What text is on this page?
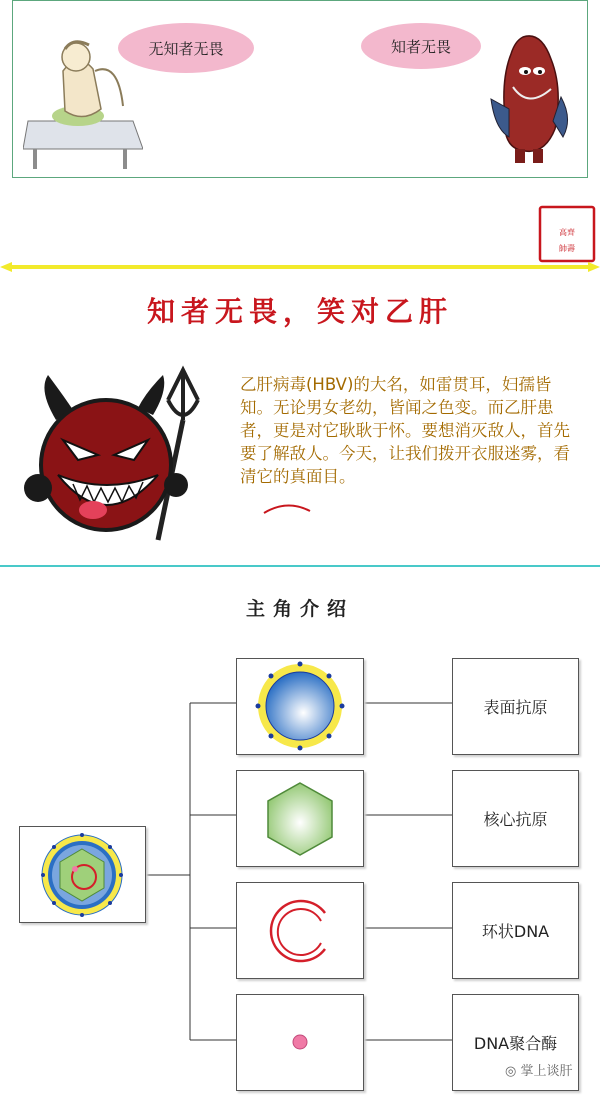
无知者无畏	知者无畏
高齊
帥壽
知者无畏，笑对乙肝
乙肝病毒(HBV)的大名，如雷贯耳，妇孺皆知。无论男女老幼，皆闻之色变。而乙肝患者，更是对它耿耿于怀。要想消灭敌人，首先要了解敌人。今天，让我们拨开衣服迷雾，看清它的真面目。
主角介绍
表面抗原
核心抗原
环状DNA
DNA聚合酶
◎ 掌上谈肝
